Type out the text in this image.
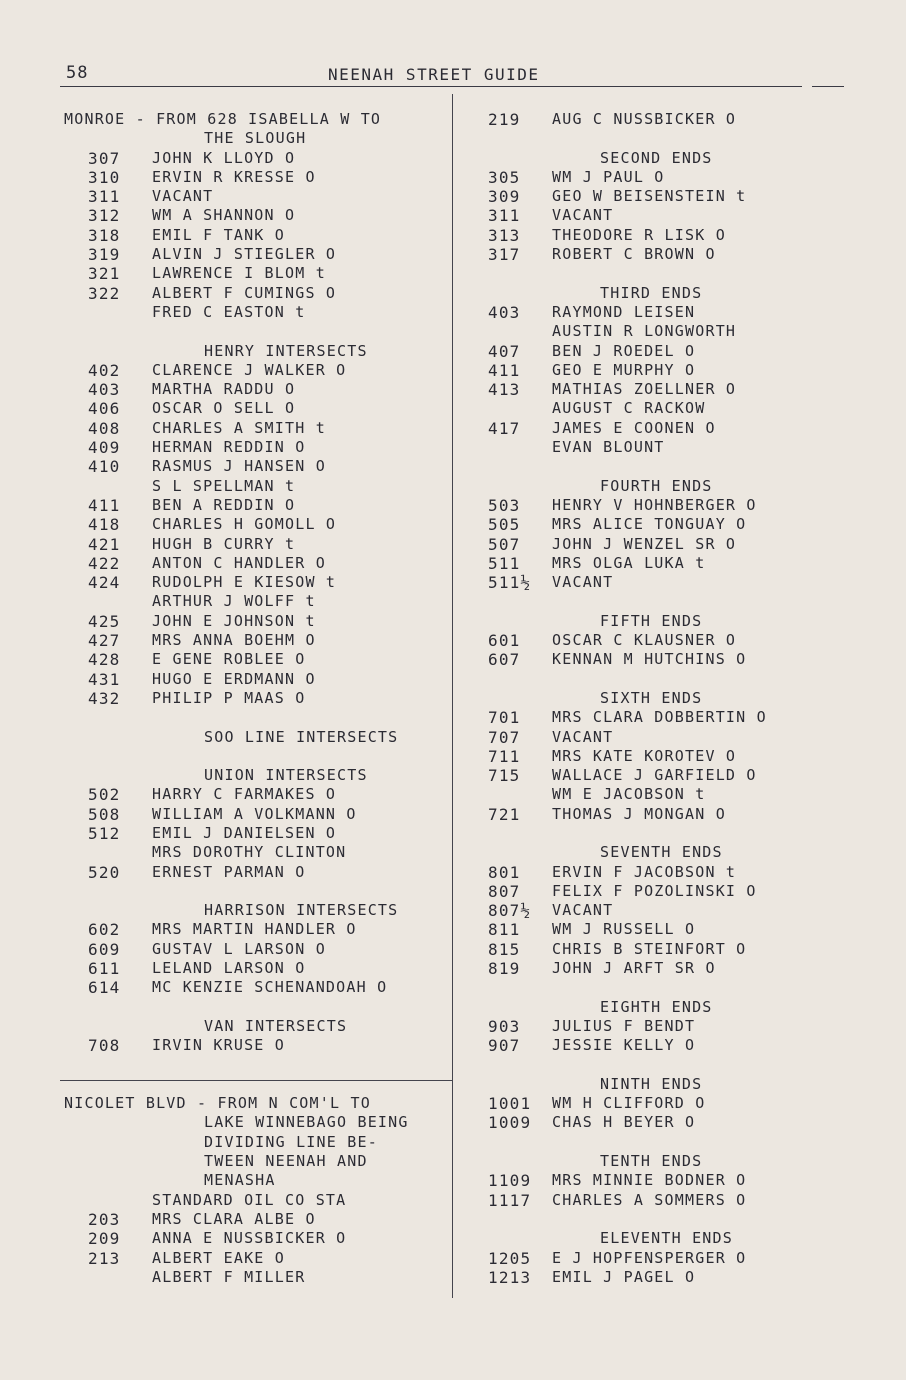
58	NEENAH STREET GUIDE
MONROE - FROM 628 ISABELLA W TO
THE SLOUGH
307 JOHN K LLOYD O
310 ERVIN R KRESSE O
311 VACANT
312 WM A SHANNON O
318 EMIL F TANK O
319 ALVIN J STIEGLER O
321 LAWRENCE I BLOM t
322 ALBERT F CUMINGS O
FRED C EASTON t
HENRY INTERSECTS
402 CLARENCE J WALKER O
403 MARTHA RADDU O
406 OSCAR O SELL O
408 CHARLES A SMITH t
409 HERMAN REDDIN O
410 RASMUS J HANSEN O
S L SPELLMAN t
411 BEN A REDDIN O
418 CHARLES H GOMOLL O
421 HUGH B CURRY t
422 ANTON C HANDLER O
424 RUDOLPH E KIESOW t
ARTHUR J WOLFF t
425 JOHN E JOHNSON t
427 MRS ANNA BOEHM O
428 E GENE ROBLEE O
431 HUGO E ERDMANN O
432 PHILIP P MAAS O
SOO LINE INTERSECTS
UNION INTERSECTS
502 HARRY C FARMAKES O
508 WILLIAM A VOLKMANN O
512 EMIL J DANIELSEN O
MRS DOROTHY CLINTON
520 ERNEST PARMAN O
HARRISON INTERSECTS
602 MRS MARTIN HANDLER O
609 GUSTAV L LARSON O
611 LELAND LARSON O
614 MC KENZIE SCHENANDOAH O
VAN INTERSECTS
708 IRVIN KRUSE O
NICOLET BLVD - FROM N COM'L TO
LAKE WINNEBAGO BEING
DIVIDING LINE BE-
TWEEN NEENAH AND
MENASHA
STANDARD OIL CO STA
203 MRS CLARA ALBE O
209 ANNA E NUSSBICKER O
213 ALBERT EAKE O
ALBERT F MILLER
219 AUG C NUSSBICKER O
SECOND ENDS
305 WM J PAUL O
309 GEO W BEISENSTEIN t
311 VACANT
313 THEODORE R LISK O
317 ROBERT C BROWN O
THIRD ENDS
403 RAYMOND LEISEN
AUSTIN R LONGWORTH
407 BEN J ROEDEL O
411 GEO E MURPHY O
413 MATHIAS ZOELLNER O
AUGUST C RACKOW
417 JAMES E COONEN O
EVAN BLOUNT
FOURTH ENDS
503 HENRY V HOHNBERGER O
505 MRS ALICE TONGUAY O
507 JOHN J WENZEL SR O
511 MRS OLGA LUKA t
511½ VACANT
FIFTH ENDS
601 OSCAR C KLAUSNER O
607 KENNAN M HUTCHINS O
SIXTH ENDS
701 MRS CLARA DOBBERTIN O
707 VACANT
711 MRS KATE KOROTEV O
715 WALLACE J GARFIELD O
WM E JACOBSON t
721 THOMAS J MONGAN O
SEVENTH ENDS
801 ERVIN F JACOBSON t
807 FELIX F POZOLINSKI O
807½ VACANT
811 WM J RUSSELL O
815 CHRIS B STEINFORT O
819 JOHN J ARFT SR O
EIGHTH ENDS
903 JULIUS F BENDT
907 JESSIE KELLY O
NINTH ENDS
1001 WM H CLIFFORD O
1009 CHAS H BEYER O
TENTH ENDS
1109 MRS MINNIE BODNER O
1117 CHARLES A SOMMERS O
ELEVENTH ENDS
1205 E J HOPFENSPERGER O
1213 EMIL J PAGEL O
